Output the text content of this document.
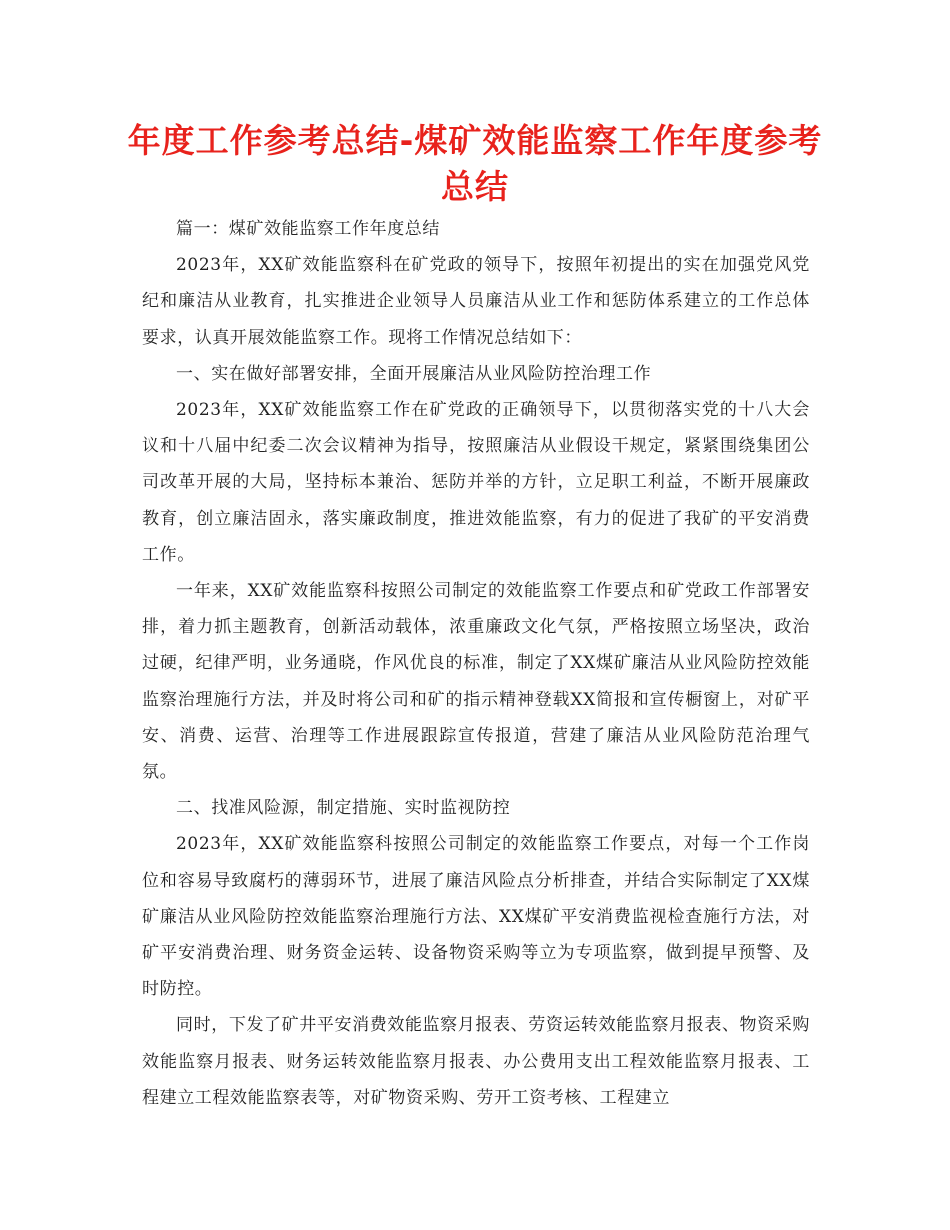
年度工作参考总结-煤矿效能监察工作年度参考总结

篇一：煤矿效能监察工作年度总结

2023年，XX矿效能监察科在矿党政的领导下，按照年初提出的实在加强党风党纪和廉洁从业教育，扎实推进企业领导人员廉洁从业工作和惩防体系建立的工作总体要求，认真开展效能监察工作。现将工作情况总结如下：

一、实在做好部署安排，全面开展廉洁从业风险防控治理工作

2023年，XX矿效能监察工作在矿党政的正确领导下，以贯彻落实党的十八大会议和十八届中纪委二次会议精神为指导，按照廉洁从业假设干规定，紧紧围绕集团公司改革开展的大局，坚持标本兼治、惩防并举的方针，立足职工利益，不断开展廉政教育，创立廉洁固永，落实廉政制度，推进效能监察，有力的促进了我矿的平安消费工作。

一年来，XX矿效能监察科按照公司制定的效能监察工作要点和矿党政工作部署安排，着力抓主题教育，创新活动载体，浓重廉政文化气氛，严格按照立场坚决，政治过硬，纪律严明，业务通晓，作风优良的标准，制定了XX煤矿廉洁从业风险防控效能监察治理施行方法，并及时将公司和矿的指示精神登载XX简报和宣传橱窗上，对矿平安、消费、运营、治理等工作进展跟踪宣传报道，营建了廉洁从业风险防范治理气氛。

二、找准风险源，制定措施、实时监视防控

2023年，XX矿效能监察科按照公司制定的效能监察工作要点，对每一个工作岗位和容易导致腐朽的薄弱环节，进展了廉洁风险点分析排查，并结合实际制定了XX煤矿廉洁从业风险防控效能监察治理施行方法、XX煤矿平安消费监视检查施行方法，对矿平安消费治理、财务资金运转、设备物资采购等立为专项监察，做到提早预警、及时防控。

同时，下发了矿井平安消费效能监察月报表、劳资运转效能监察月报表、物资采购效能监察月报表、财务运转效能监察月报表、办公费用支出工程效能监察月报表、工程建立工程效能监察表等，对矿物资采购、劳开工资考核、工程建立
